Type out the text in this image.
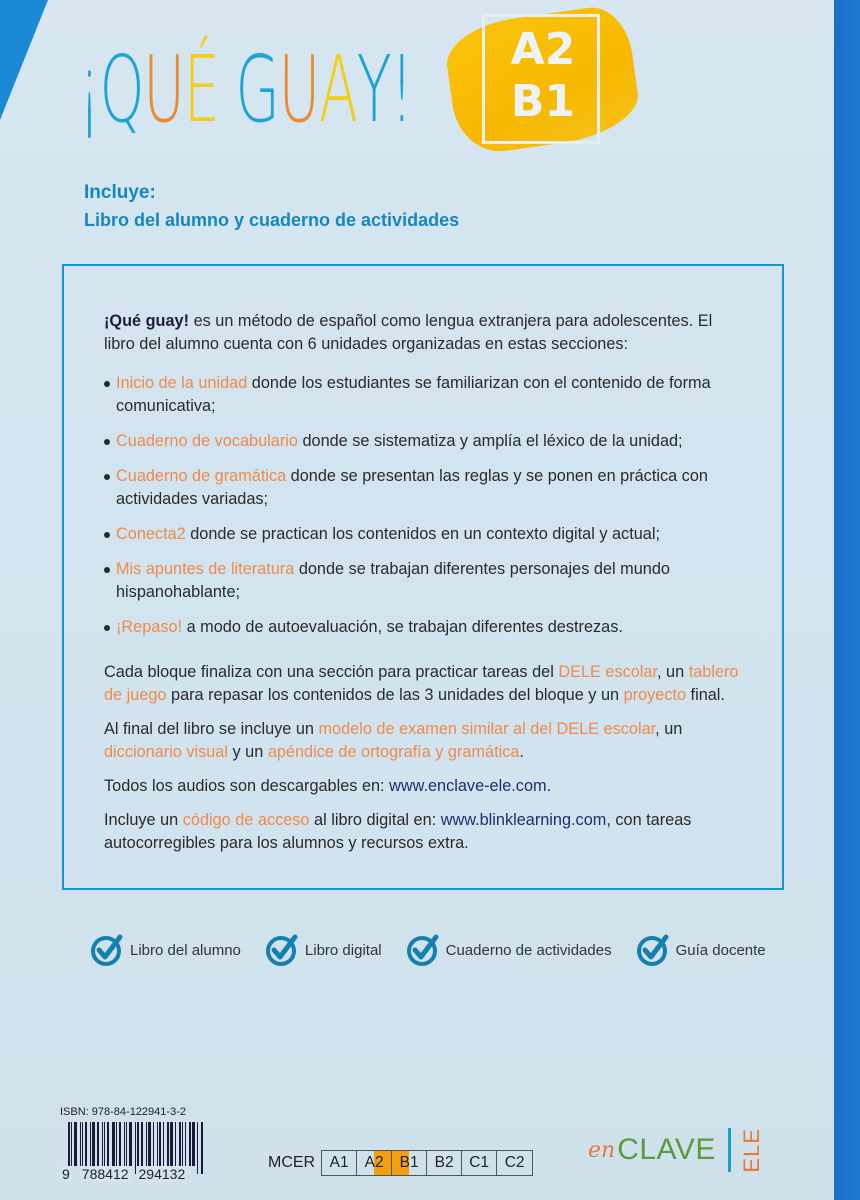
¡QUÉ GUAY!	A2
B1
Incluye:
Libro del alumno y cuaderno de actividades

¡Qué guay! es un método de español como lengua extranjera para adolescentes. El libro del alumno cuenta con 6 unidades organizadas en estas secciones:

Inicio de la unidad donde los estudiantes se familiarizan con el contenido de forma comunicativa;
Cuaderno de vocabulario donde se sistematiza y amplía el léxico de la unidad;
Cuaderno de gramática donde se presentan las reglas y se ponen en práctica con actividades variadas;
Conecta2 donde se practican los contenidos en un contexto digital y actual;
Mis apuntes de literatura donde se trabajan diferentes personajes del mundo hispanohablante;
¡Repaso! a modo de autoevaluación, se trabajan diferentes destrezas.

Cada bloque finaliza con una sección para practicar tareas del DELE escolar, un tablero de juego para repasar los contenidos de las 3 unidades del bloque y un proyecto final.

Al final del libro se incluye un modelo de examen similar al del DELE escolar, un diccionario visual y un apéndice de ortografía y gramática.

Todos los audios son descargables en: www.enclave-ele.com.

Incluye un código de acceso al libro digital en: www.blinklearning.com, con tareas autocorregibles para los alumnos y recursos extra.

Libro del alumno	Libro digital	Cuaderno de actividades	Guía docente
ISBN: 978-84-122941-3-2
9 788412 294132
MCER A1	A2	B1	B2	C1	C2	en CLAVE ELE
